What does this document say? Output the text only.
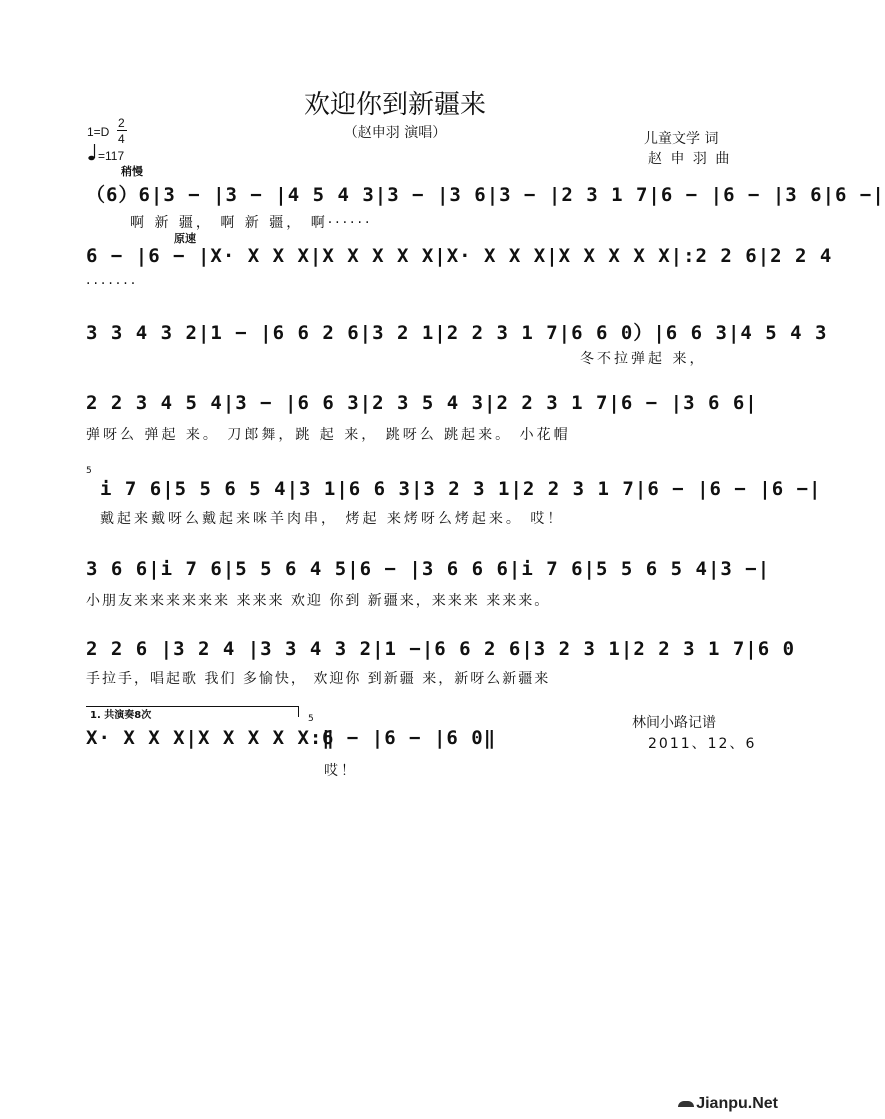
欢迎你到新疆来
（赵申羽 演唱）
1=D
2
4
=117
儿童文学 词
赵 申 羽 曲
稍慢
原速
（6）6|3 − |3 − |4 5 4 3|3 − |3 6|3 − |2 3 1 7|6 − |6 − |3 6|6 −|
啊 新 疆， 啊 新 疆， 啊······
6 − |6 − |X· X X X|X X X X X|X· X X X|X X X X X|:2 2 6|2 2 4
·······
3 3 4 3 2|1 − |6 6 2 6|3 2 1|2 2 3 1 7|6 6 0）|6 6 3|4 5 4 3
冬不拉弹起 来，
2 2 3 4 5 4|3 − |6 6 3|2 3 5 4 3|2 2 3 1 7|6 − |3 6 6|
弹呀么 弹起 来。 刀郎舞，跳 起 来， 跳呀么 跳起来。 小花帽
5
i 7 6|5 5 6 5 4|3 1|6 6 3|3 2 3 1|2 2 3 1 7|6 − |6 − |6 −|
戴起来戴呀么戴起来咪羊肉串， 烤起 来烤呀么烤起来。 哎！
3 6 6|i 7 6|5 5 6 4 5|6 − |3 6 6 6|i 7 6|5 5 6 5 4|3 −|
小朋友来来来来来来 来来来 欢迎 你到 新疆来，来来来 来来来。
2 2 6 |3 2 4 |3 3 4 3 2|1 −|6 6 2 6|3 2 3 1|2 2 3 1 7|6 0
手拉手，唱起歌 我们 多愉快， 欢迎你 到新疆 来，新呀么新疆来
1. 共演奏8次
X· X X X|X X X X X:‖
5
6 − |6 − |6 0‖
哎！
林间小路记谱
2011、12、6
Jianpu.Net
